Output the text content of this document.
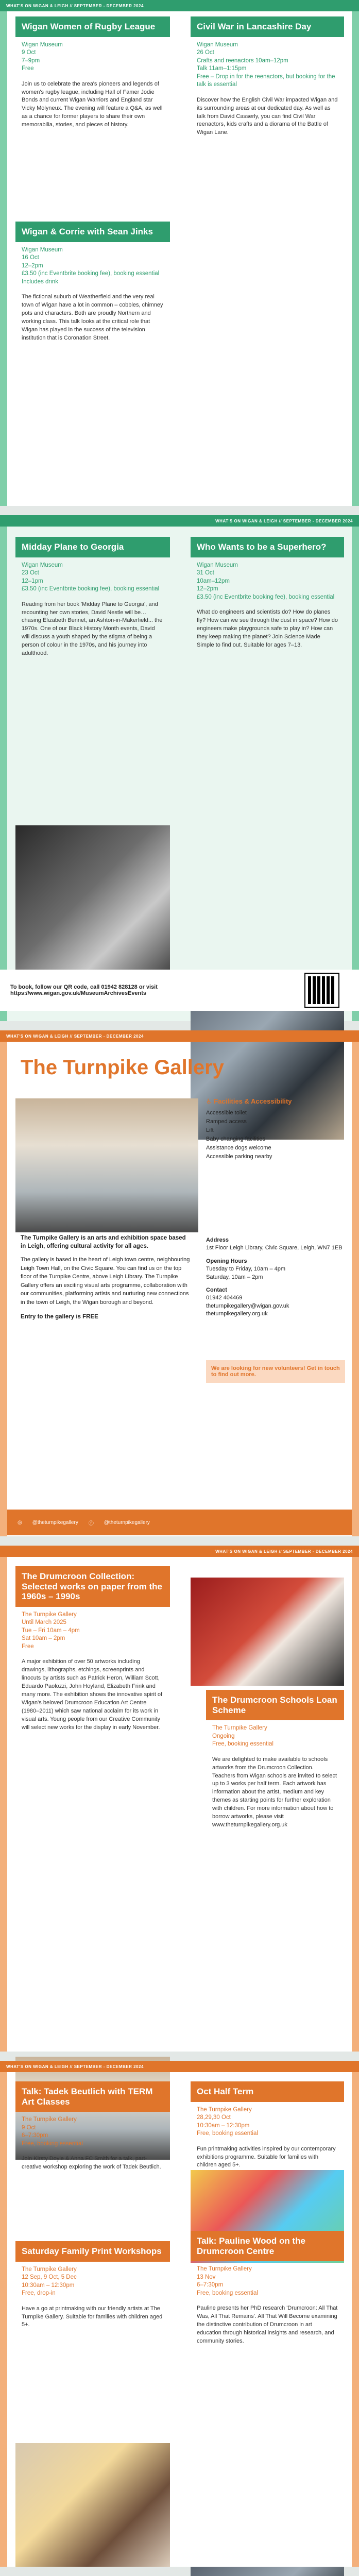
WHAT'S ON WIGAN & LEIGH // SEPTEMBER - DECEMBER 2024
Wigan Women of Rugby League
Wigan Museum
9 Oct
7–9pm
Free
Join us to celebrate the area's pioneers and legends of women's rugby league, including Hall of Famer Jodie Bonds and current Wigan Warriors and England star Vicky Molyneux. The evening will feature a Q&A, as well as a chance for former players to share their own memorabilia, stories, and pieces of history.
Wigan & Corrie with Sean Jinks
Wigan Museum
16 Oct
12–2pm
£3.50 (inc Eventbrite booking fee), booking essential
Includes drink
The fictional suburb of Weatherfield and the very real town of Wigan have a lot in common – cobbles, chimney pots and characters. Both are proudly Northern and working class. This talk looks at the critical role that Wigan has played in the success of the television institution that is Coronation Street.
Civil War in Lancashire Day
Wigan Museum
26 Oct
Crafts and reenactors 10am–12pm
Talk 11am–1:15pm
Free – Drop in for the reenactors, but booking for the talk is essential
Discover how the English Civil War impacted Wigan and its surrounding areas at our dedicated day. As well as talk from David Casserly, you can find Civil War reenactors, kids crafts and a diorama of the Battle of Wigan Lane.
WHAT'S ON WIGAN & LEIGH // SEPTEMBER - DECEMBER 2024
Midday Plane to Georgia
Wigan Museum
23 Oct
12–1pm
£3.50 (inc Eventbrite booking fee), booking essential
Reading from her book 'Midday Plane to Georgia', and recounting her own stories, David Nestle will be… chasing Elizabeth Bennet, an Ashton-in-Makerfield... the 1970s. One of our Black History Month events, David will discuss a youth shaped by the stigma of being a person of colour in the 1970s, and his journey into adulthood.
Who Wants to be a Superhero?
Wigan Museum
31 Oct
10am–12pm
12–2pm
£3.50 (inc Eventbrite booking fee), booking essential
What do engineers and scientists do? How do planes fly? How can we see through the dust in space? How do engineers make playgrounds safe to play in? How can they keep making the planet? Join Science Made Simple to find out. Suitable for ages 7–13.
To book, follow our QR code, call 01942 828128 or visit https://www.wigan.gov.uk/MuseumArchivesEvents
WHAT'S ON WIGAN & LEIGH // SEPTEMBER - DECEMBER 2024
The Turnpike Gallery
♿ Facilities & Accessibility
Accessible toilet
Ramped access
Lift
Baby changing facilities
Assistance dogs welcome
Accessible parking nearby
The Turnpike Gallery is an arts and exhibition space based in Leigh, offering cultural activity for all ages.
The gallery is based in the heart of Leigh town centre, neighbouring Leigh Town Hall, on the Civic Square. You can find us on the top floor of the Turnpike Centre, above Leigh Library. The Turnpike Gallery offers an exciting visual arts programme, collaboration with our communities, platforming artists and nurturing new connections in the town of Leigh, the Wigan borough and beyond.
Entry to the gallery is FREE
Address
1st Floor Leigh Library, Civic Square, Leigh, WN7 1EB
Opening Hours
Tuesday to Friday, 10am – 4pm
Saturday, 10am – 2pm
Contact
01942 404469
theturnpikegallery@wigan.gov.uk
theturnpikegallery.org.uk
We are looking for new volunteers! Get in touch to find out more.
◎ @theturnpikegallery ⓕ @theturnpikegallery
WHAT'S ON WIGAN & LEIGH // SEPTEMBER - DECEMBER 2024
The Drumcroon Collection: Selected works on paper from the 1960s – 1990s
The Turnpike Gallery
Until March 2025
Tue – Fri 10am – 4pm
Sat 10am – 2pm
Free
A major exhibition of over 50 artworks including drawings, lithographs, etchings, screenprints and linocuts by artists such as Patrick Heron, William Scott, Eduardo Paolozzi, John Hoyland, Elizabeth Frink and many more. The exhibition shows the innovative spirit of Wigan's beloved Drumcroon Education Art Centre (1980–2011) which saw national acclaim for its work in visual arts. Young people from our Creative Community will select new works for the display in early November.
The Drumcroon Schools Loan Scheme
The Turnpike Gallery
Ongoing
Free, booking essential
We are delighted to make available to schools artworks from the Drumcroon Collection. Teachers from Wigan schools are invited to select up to 3 works per half term. Each artwork has information about the artist, medium and key themes as starting points for further exploration with children. For more information about how to borrow artworks, please visit www.theturnpikegallery.org.uk
WHAT'S ON WIGAN & LEIGH // SEPTEMBER - DECEMBER 2024
Talk: Tadek Beutlich with TERM Art Classes
The Turnpike Gallery
9 Oct
6–7:30pm
Free, booking essential
Join Kirsty Doyle & Anna FC Smith for a talk, part-creative workshop exploring the work of Tadek Beutlich.
Saturday Family Print Workshops
The Turnpike Gallery
12 Sep, 9 Oct, 5 Dec
10:30am – 12:30pm
Free, drop-in
Have a go at printmaking with our friendly artists at The Turnpike Gallery. Suitable for families with children aged 5+.
Oct Half Term
The Turnpike Gallery
28,29,30 Oct
10:30am – 12:30pm
Free, booking essential
Fun printmaking activities inspired by our contemporary exhibitions programme. Suitable for families with children aged 5+.
Talk: Pauline Wood on the Drumcroon Centre
The Turnpike Gallery
13 Nov
6–7:30pm
Free, booking essential
Pauline presents her PhD research 'Drumcroon: All That Was, All That Remains'. All That Will Become examining the distinctive contribution of Drumcroon in art education through historical insights and research, and community stories.
